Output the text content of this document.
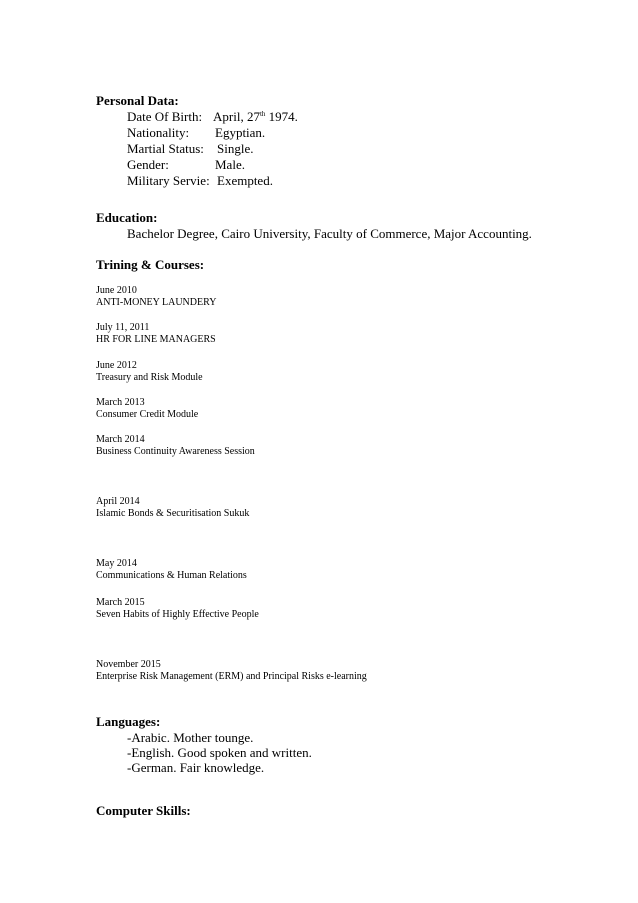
Personal Data:
Date Of Birth: April, 27th 1974.
Nationality: Egyptian.
Martial Status: Single.
Gender:	Male.
Military Servie: Exempted.
Education:
Bachelor Degree, Cairo University, Faculty of Commerce, Major Accounting.
Trining & Courses:
June 2010
ANTI-MONEY LAUNDERY
July 11, 2011
HR FOR LINE MANAGERS
June 2012
Treasury and Risk Module
March 2013
Consumer Credit Module
March 2014
Business Continuity Awareness Session
April 2014
Islamic Bonds & Securitisation Sukuk
May 2014
Communications & Human Relations
March 2015
Seven Habits of Highly Effective People
November 2015
Enterprise Risk Management (ERM) and Principal Risks e-learning
Languages:
-Arabic. Mother tounge.
-English. Good spoken and written.
-German. Fair knowledge.
Computer Skills:
